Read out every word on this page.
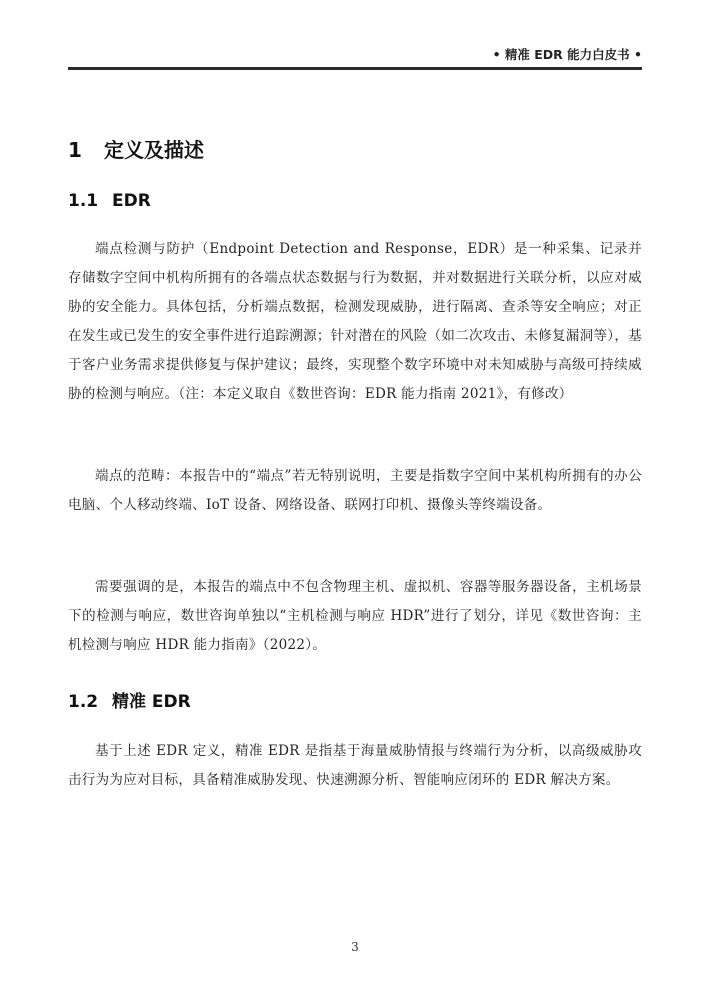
• 精准 EDR 能力白皮书 •
1 定义及描述
1.1 EDR

端点检测与防护（Endpoint Detection and Response，EDR）是一种采集、记录并存储数字空间中机构所拥有的各端点状态数据与行为数据，并对数据进行关联分析，以应对威胁的安全能力。具体包括，分析端点数据，检测发现威胁，进行隔离、查杀等安全响应；对正在发生或已发生的安全事件进行追踪溯源；针对潜在的风险（如二次攻击、未修复漏洞等），基于客户业务需求提供修复与保护建议；最终，实现整个数字环境中对未知威胁与高级可持续威胁的检测与响应。（注：本定义取自《数世咨询：EDR 能力指南 2021》，有修改）

端点的范畴：本报告中的“端点”若无特别说明，主要是指数字空间中某机构所拥有的办公电脑、个人移动终端、IoT 设备、网络设备、联网打印机、摄像头等终端设备。

需要强调的是，本报告的端点中不包含物理主机、虚拟机、容器等服务器设备，主机场景下的检测与响应，数世咨询单独以“主机检测与响应 HDR”进行了划分，详见《数世咨询：主机检测与响应 HDR 能力指南》（2022）。

1.2 精准 EDR

基于上述 EDR 定义，精准 EDR 是指基于海量威胁情报与终端行为分析，以高级威胁攻击行为为应对目标，具备精准威胁发现、快速溯源分析、智能响应闭环的 EDR 解决方案。

3
